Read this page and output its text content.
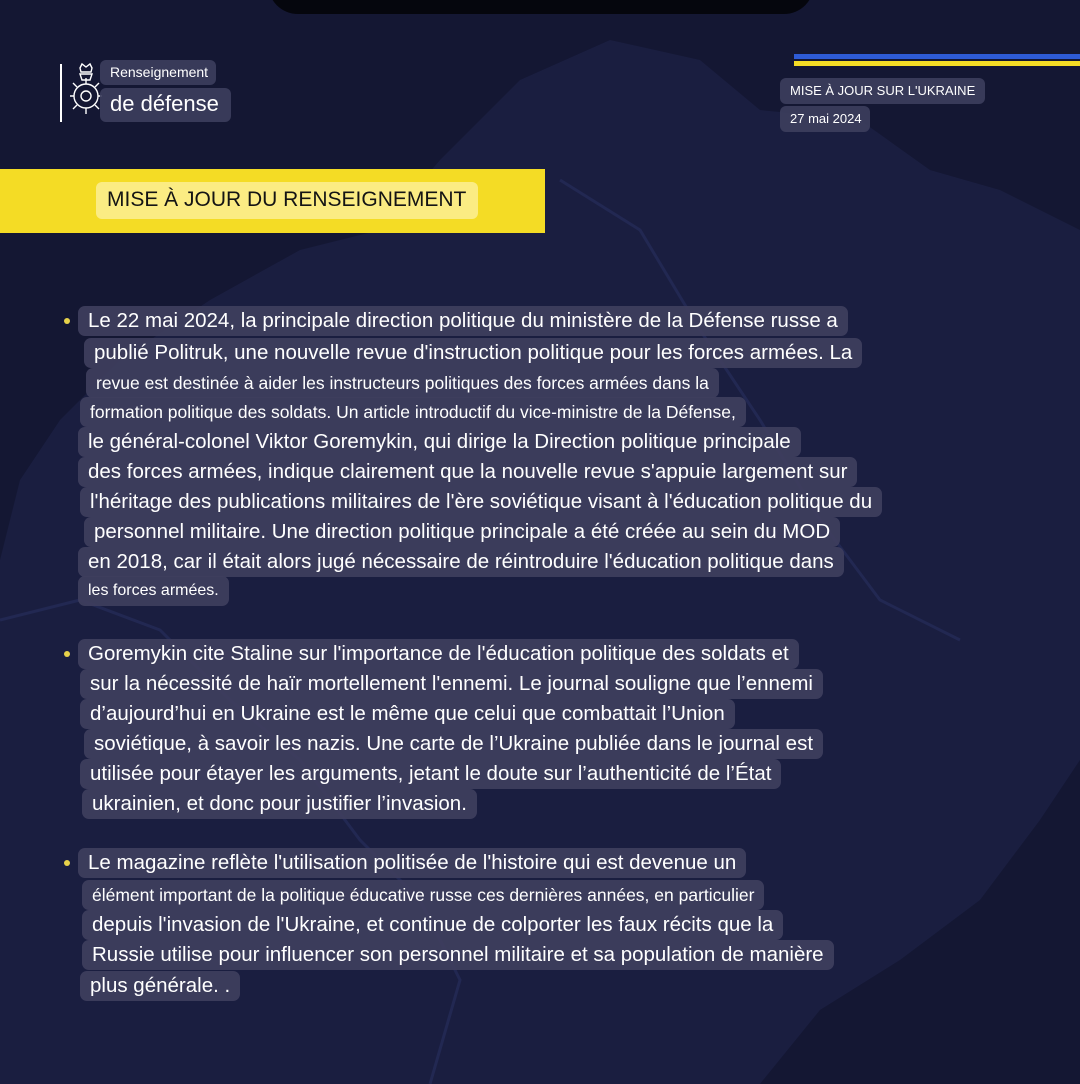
Renseignement
de défense
MISE À JOUR SUR L'UKRAINE
27 mai 2024
MISE À JOUR DU RENSEIGNEMENT
Le 22 mai 2024, la principale direction politique du ministère de la Défense russe a
publié Politruk, une nouvelle revue d'instruction politique pour les forces armées. La
revue est destinée à aider les instructeurs politiques des forces armées dans la
formation politique des soldats. Un article introductif du vice-ministre de la Défense,
le général-colonel Viktor Goremykin, qui dirige la Direction politique principale
des forces armées, indique clairement que la nouvelle revue s'appuie largement sur
l'héritage des publications militaires de l'ère soviétique visant à l'éducation politique du
personnel militaire. Une direction politique principale a été créée au sein du MOD
en 2018, car il était alors jugé nécessaire de réintroduire l'éducation politique dans
les forces armées.
Goremykin cite Staline sur l'importance de l'éducation politique des soldats et
sur la nécessité de haïr mortellement l'ennemi. Le journal souligne que l’ennemi
d’aujourd’hui en Ukraine est le même que celui que combattait l’Union
soviétique, à savoir les nazis. Une carte de l’Ukraine publiée dans le journal est
utilisée pour étayer les arguments, jetant le doute sur l’authenticité de l’État
ukrainien, et donc pour justifier l’invasion.
Le magazine reflète l'utilisation politisée de l'histoire qui est devenue un
élément important de la politique éducative russe ces dernières années, en particulier
depuis l'invasion de l'Ukraine, et continue de colporter les faux récits que la
Russie utilise pour influencer son personnel militaire et sa population de manière
plus générale. .
